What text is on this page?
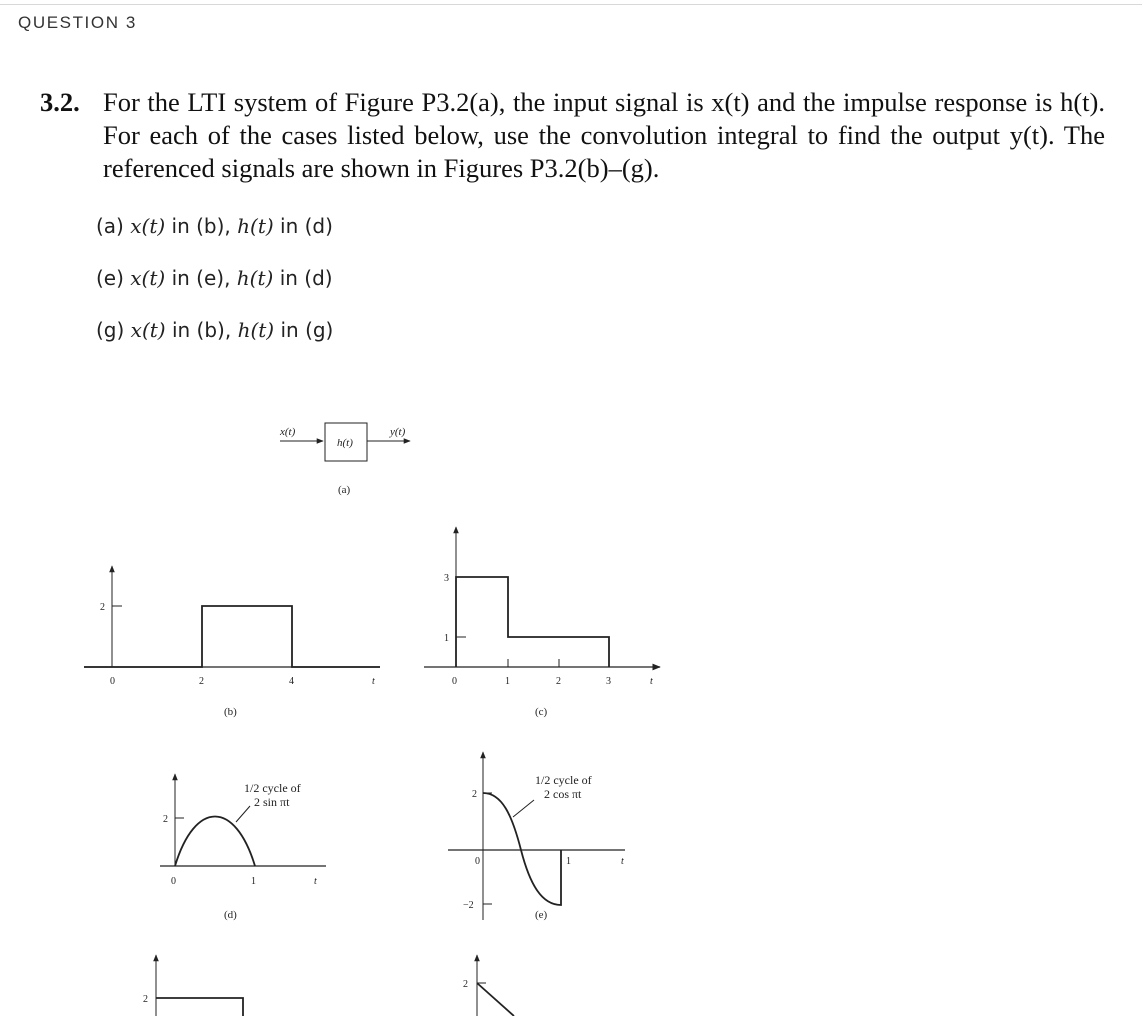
QUESTION 3
3.2. For the LTI system of Figure P3.2(a), the input signal is x(t) and the impulse response is h(t). For each of the cases listed below, use the convolution integral to find the output y(t). The referenced signals are shown in Figures P3.2(b)–(g).
(a) x(t) in (b), h(t) in (d)
(e) x(t) in (e), h(t) in (d)
(g) x(t) in (b), h(t) in (g)
x(t)
h(t)
y(t)
(a)
2
0	2	4	t
(b)
3
1
0	1	2	3	t
(c)
1/2 cycle of
2 sin πt
2
0	1	t
(d)
1/2 cycle of
2 cos πt
2
−2
0	1	t
(e)
2
2
